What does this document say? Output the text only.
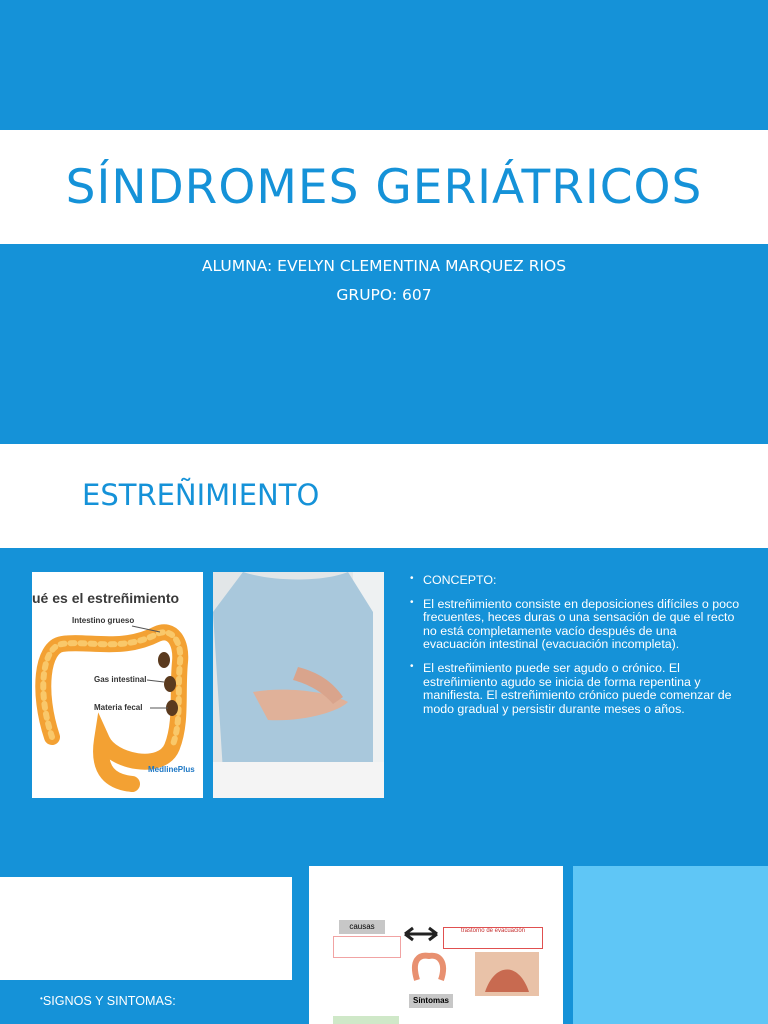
SÍNDROMES GERIÁTRICOS
ALUMNA: EVELYN CLEMENTINA MARQUEZ RIOS
GRUPO: 607
ESTREÑIMIENTO
ué es el estreñimiento
Intestino grueso
Gas intestinal
Materia fecal
MedlinePlus
• CONCEPTO:
• El estreñimiento consiste en deposiciones difíciles o poco frecuentes, heces duras o una sensación de que el recto no está completamente vacío después de una evacuación intestinal (evacuación incompleta).
• El estreñimiento puede ser agudo o crónico. El estreñimiento agudo se inicia de forma repentina y manifiesta. El estreñimiento crónico puede comenzar de modo gradual y persistir durante meses o años.
•SIGNOS Y SINTOMAS:
causas	trastorno de evacuación
Síntomas
